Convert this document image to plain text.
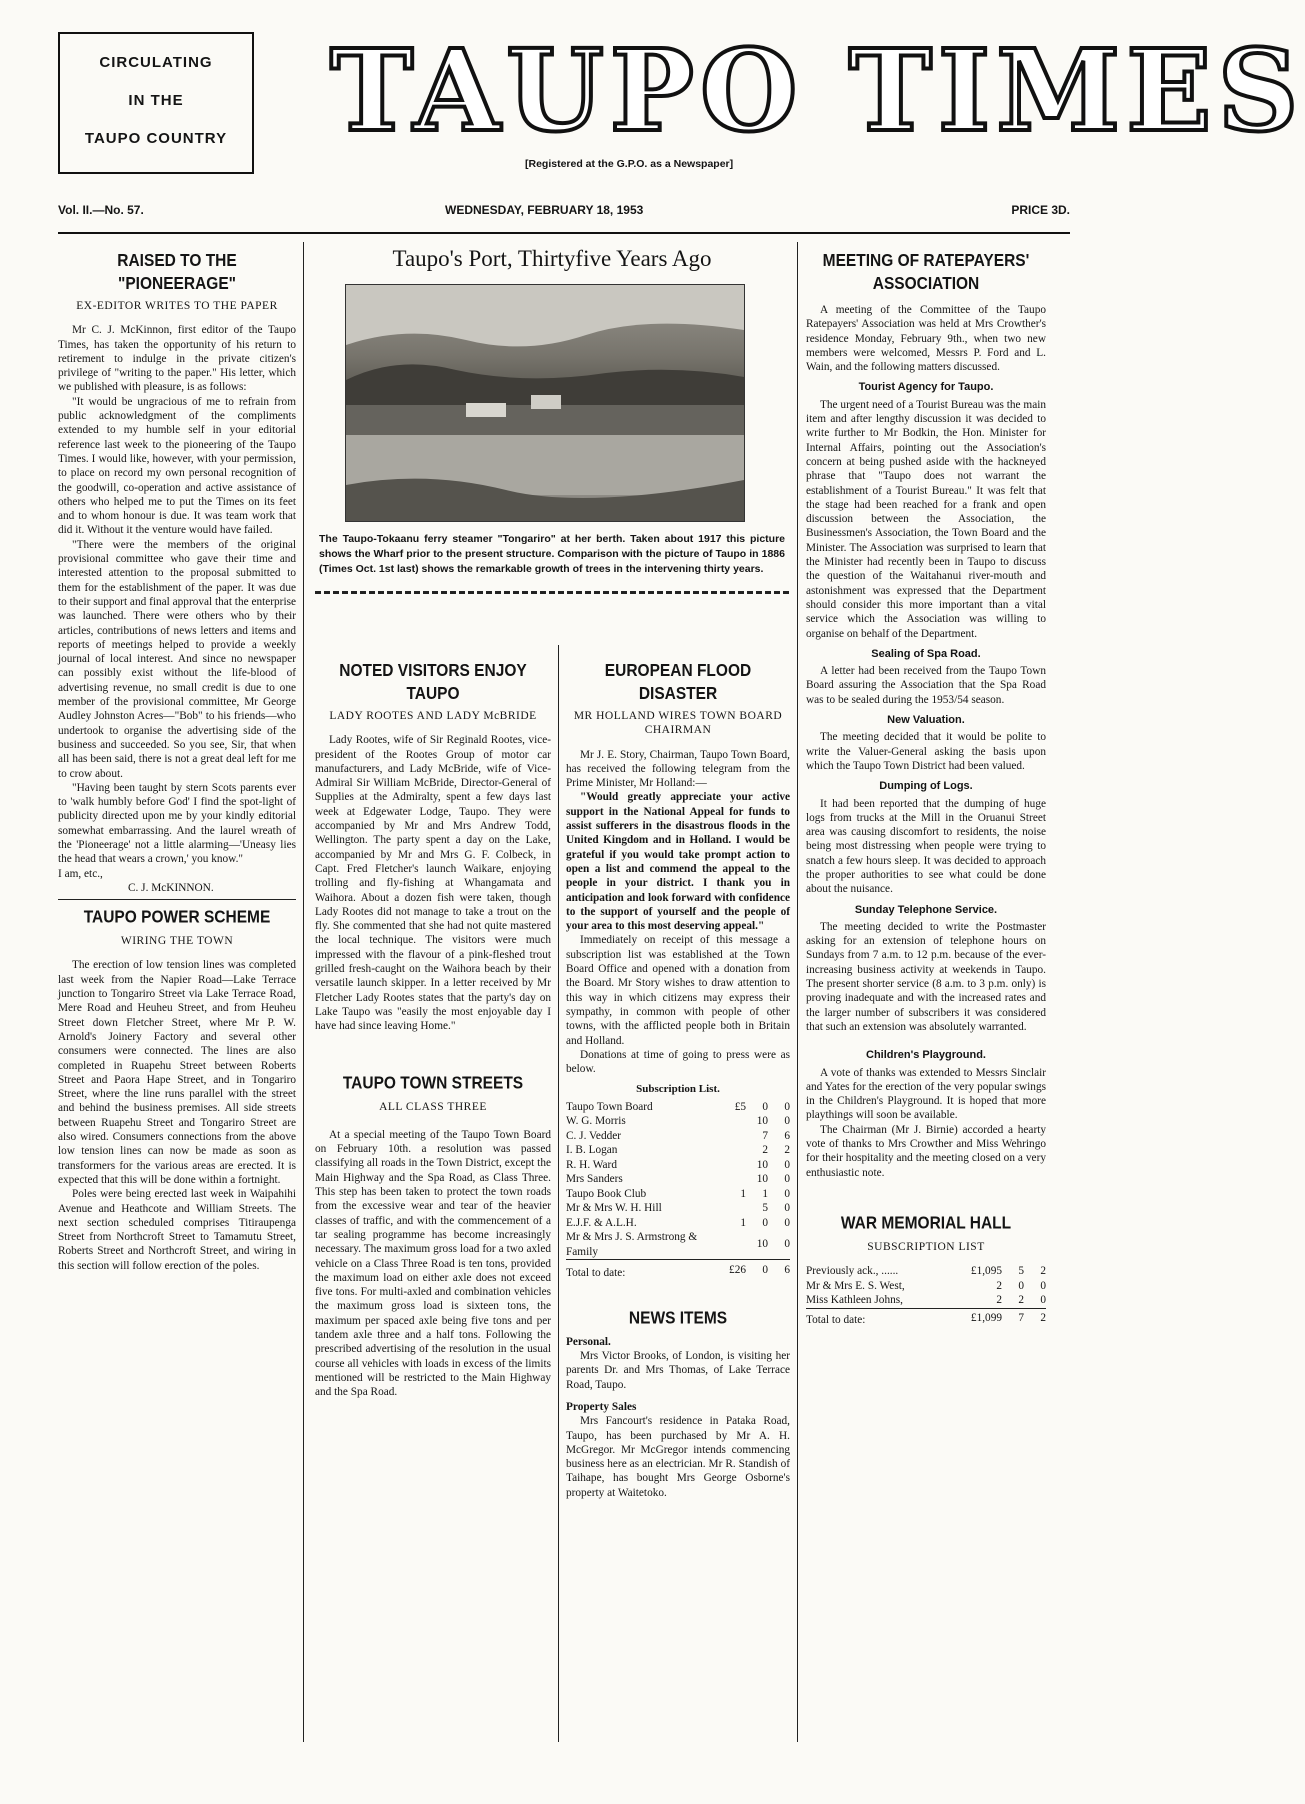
CIRCULATING
IN THE
TAUPO COUNTRY TAUPO TIMES
[Registered at the G.P.O. as a Newspaper]
Vol. II.—No. 57.	WEDNESDAY, FEBRUARY 18, 1953	PRICE 3D.
RAISED TO THE "PIONEERAGE"
EX-EDITOR WRITES TO THE PAPER

Mr C. J. McKinnon, first editor of the Taupo Times, has taken the opportunity of his return to retirement to indulge in the private citizen's privilege of "writing to the paper." His letter, which we published with pleasure, is as follows:

"It would be ungracious of me to refrain from public acknowledgment of the compliments extended to my humble self in your editorial reference last week to the pioneering of the Taupo Times. I would like, however, with your permission, to place on record my own personal recognition of the goodwill, co-operation and active assistance of others who helped me to put the Times on its feet and to whom honour is due. It was team work that did it. Without it the venture would have failed.

"There were the members of the original provisional committee who gave their time and interested attention to the proposal submitted to them for the establishment of the paper. It was due to their support and final approval that the enterprise was launched. There were others who by their articles, contributions of news letters and items and reports of meetings helped to provide a weekly journal of local interest. And since no newspaper can possibly exist without the life-blood of advertising revenue, no small credit is due to one member of the provisional committee, Mr George Audley Johnston Acres—"Bob" to his friends—who undertook to organise the advertising side of the business and succeeded. So you see, Sir, that when all has been said, there is not a great deal left for me to crow about.

"Having been taught by stern Scots parents ever to 'walk humbly before God' I find the spot-light of publicity directed upon me by your kindly editorial somewhat embarrassing. And the laurel wreath of the 'Pioneerage' not a little alarming—'Uneasy lies the head that wears a crown,' you know."

I am, etc.,

C. J. McKINNON.

TAUPO POWER SCHEME
WIRING THE TOWN

The erection of low tension lines was completed last week from the Napier Road—Lake Terrace junction to Tongariro Street via Lake Terrace Road, Mere Road and Heuheu Street, and from Heuheu Street down Fletcher Street, where Mr P. W. Arnold's Joinery Factory and several other consumers were connected. The lines are also completed in Ruapehu Street between Roberts Street and Paora Hape Street, and in Tongariro Street, where the line runs parallel with the street and behind the business premises. All side streets between Ruapehu Street and Tongariro Street are also wired. Consumers connections from the above low tension lines can now be made as soon as transformers for the various areas are erected. It is expected that this will be done within a fortnight.

Poles were being erected last week in Waipahihi Avenue and Heathcote and William Streets. The next section scheduled comprises Titiraupenga Street from Northcroft Street to Tamamutu Street, Roberts Street and Northcroft Street, and wiring in this section will follow erection of the poles.

Taupo's Port, Thirtyfive Years Ago
The Taupo-Tokaanu ferry steamer "Tongariro" at her berth. Taken about 1917 this picture shows the Wharf prior to the present structure. Comparison with the picture of Taupo in 1886 (Times Oct. 1st last) shows the remarkable growth of trees in the intervening thirty years.
NOTED VISITORS ENJOY TAUPO
LADY ROOTES AND LADY McBRIDE

Lady Rootes, wife of Sir Reginald Rootes, vice-president of the Rootes Group of motor car manufacturers, and Lady McBride, wife of Vice-Admiral Sir William McBride, Director-General of Supplies at the Admiralty, spent a few days last week at Edgewater Lodge, Taupo. They were accompanied by Mr and Mrs Andrew Todd, Wellington. The party spent a day on the Lake, accompanied by Mr and Mrs G. F. Colbeck, in Capt. Fred Fletcher's launch Waikare, enjoying trolling and fly-fishing at Whangamata and Waihora. About a dozen fish were taken, though Lady Rootes did not manage to take a trout on the fly. She commented that she had not quite mastered the local technique. The visitors were much impressed with the flavour of a pink-fleshed trout grilled fresh-caught on the Waihora beach by their versatile launch skipper. In a letter received by Mr Fletcher Lady Rootes states that the party's day on Lake Taupo was "easily the most enjoyable day I have had since leaving Home."

TAUPO TOWN STREETS
ALL CLASS THREE

At a special meeting of the Taupo Town Board on February 10th. a resolution was passed classifying all roads in the Town District, except the Main Highway and the Spa Road, as Class Three. This step has been taken to protect the town roads from the excessive wear and tear of the heavier classes of traffic, and with the commencement of a tar sealing programme has become increasingly necessary. The maximum gross load for a two axled vehicle on a Class Three Road is ten tons, provided the maximum load on either axle does not exceed five tons. For multi-axled and combination vehicles the maximum gross load is sixteen tons, the maximum per spaced axle being five tons and per tandem axle three and a half tons. Following the prescribed advertising of the resolution in the usual course all vehicles with loads in excess of the limits mentioned will be restricted to the Main Highway and the Spa Road.

EUROPEAN FLOOD DISASTER
MR HOLLAND WIRES TOWN BOARD CHAIRMAN

Mr J. E. Story, Chairman, Taupo Town Board, has received the following telegram from the Prime Minister, Mr Holland:—

"Would greatly appreciate your active support in the National Appeal for funds to assist sufferers in the disastrous floods in the United Kingdom and in Holland. I would be grateful if you would take prompt action to open a list and commend the appeal to the people in your district. I thank you in anticipation and look forward with confidence to the support of yourself and the people of your area to this most deserving appeal."

Immediately on receipt of this message a subscription list was established at the Town Board Office and opened with a donation from the Board. Mr Story wishes to draw attention to this way in which citizens may express their sympathy, in common with people of other towns, with the afflicted people both in Britain and Holland.

Donations at time of going to press were as below.

Subscription List.
Taupo Town Board	£5	0	0
W. G. Morris		10	0
C. J. Vedder		7	6
I. B. Logan		2	2
R. H. Ward		10	0
Mrs Sanders		10	0
Taupo Book Club	1	1	0
Mr & Mrs W. H. Hill		5	0
E.J.F. & A.L.H.	1	0	0
Mr & Mrs J. S. Armstrong & Family		10	0
Total to date:	£26	0	6
NEWS ITEMS

Personal.

Mrs Victor Brooks, of London, is visiting her parents Dr. and Mrs Thomas, of Lake Terrace Road, Taupo.

Property Sales

Mrs Fancourt's residence in Pataka Road, Taupo, has been purchased by Mr A. H. McGregor. Mr McGregor intends commencing business here as an electrician. Mr R. Standish of Taihape, has bought Mrs George Osborne's property at Waitetoko.

MEETING OF RATEPAYERS' ASSOCIATION

A meeting of the Committee of the Taupo Ratepayers' Association was held at Mrs Crowther's residence Monday, February 9th., when two new members were welcomed, Messrs P. Ford and L. Wain, and the following matters discussed.

Tourist Agency for Taupo.

The urgent need of a Tourist Bureau was the main item and after lengthy discussion it was decided to write further to Mr Bodkin, the Hon. Minister for Internal Affairs, pointing out the Association's concern at being pushed aside with the hackneyed phrase that "Taupo does not warrant the establishment of a Tourist Bureau." It was felt that the stage had been reached for a frank and open discussion between the Association, the Businessmen's Association, the Town Board and the Minister. The Association was surprised to learn that the Minister had recently been in Taupo to discuss the question of the Waitahanui river-mouth and astonishment was expressed that the Department should consider this more important than a vital service which the Association was willing to organise on behalf of the Department.

Sealing of Spa Road.

A letter had been received from the Taupo Town Board assuring the Association that the Spa Road was to be sealed during the 1953/54 season.

New Valuation.

The meeting decided that it would be polite to write the Valuer-General asking the basis upon which the Taupo Town District had been valued.

Dumping of Logs.

It had been reported that the dumping of huge logs from trucks at the Mill in the Oruanui Street area was causing discomfort to residents, the noise being most distressing when people were trying to snatch a few hours sleep. It was decided to approach the proper authorities to see what could be done about the nuisance.

Sunday Telephone Service.

The meeting decided to write the Postmaster asking for an extension of telephone hours on Sundays from 7 a.m. to 12 p.m. because of the ever-increasing business activity at weekends in Taupo. The present shorter service (8 a.m. to 3 p.m. only) is proving inadequate and with the increased rates and the larger number of subscribers it was considered that such an extension was absolutely warranted.

Children's Playground.

A vote of thanks was extended to Messrs Sinclair and Yates for the erection of the very popular swings in the Children's Playground. It is hoped that more playthings will soon be available.

The Chairman (Mr J. Birnie) accorded a hearty vote of thanks to Mrs Crowther and Miss Wehringo for their hospitality and the meeting closed on a very enthusiastic note.

WAR MEMORIAL HALL
SUBSCRIPTION LIST
Previously ack., ......	£1,095	5	2
Mr & Mrs E. S. West,	2	0	0
Miss Kathleen Johns,	2	2	0
Total to date:	£1,099	7	2
